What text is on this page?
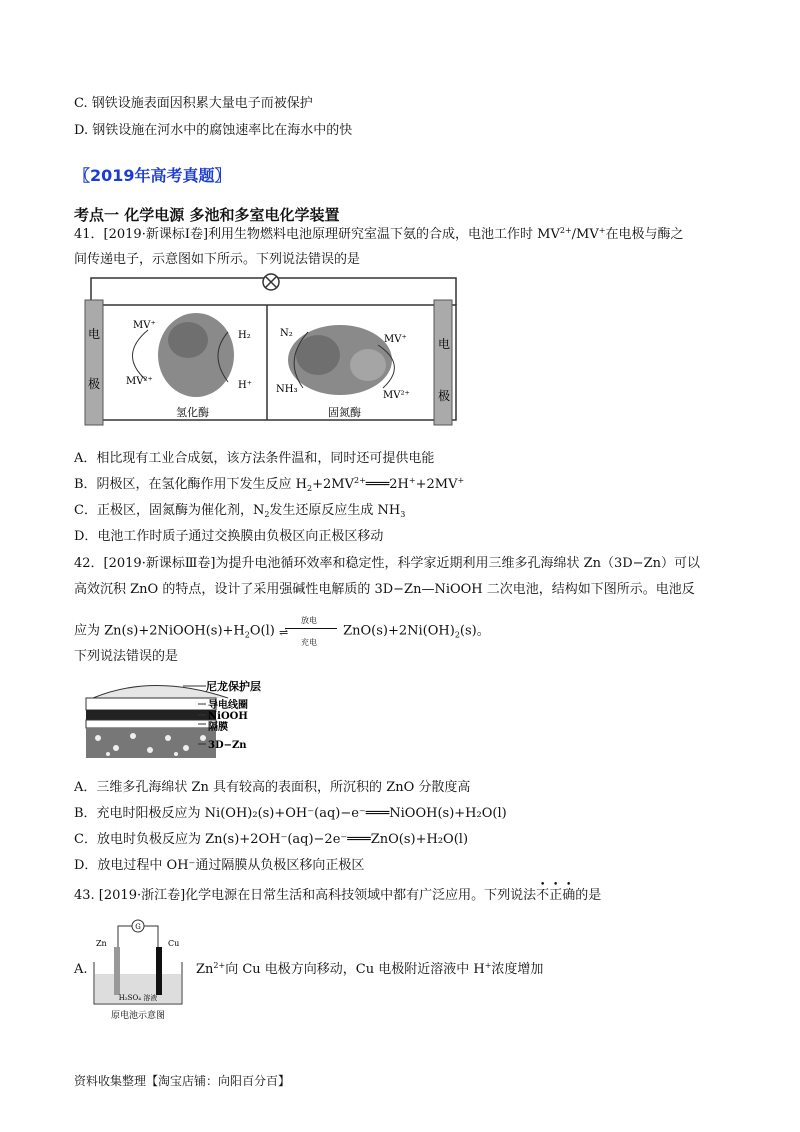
C. 钢铁设施表面因积累大量电子而被保护
D. 钢铁设施在河水中的腐蚀速率比在海水中的快
〖2019年高考真题〗
考点一 化学电源 多池和多室电化学装置
41．[2019·新课标Ⅰ卷]利用生物燃料电池原理研究室温下氨的合成，电池工作时 $MV^{2+}/MV^+$在电极与酶之
间传递电子，示意图如下所示。下列说法错误的是
电
极
电
极
MV⁺
MV²⁺
H₂
H⁺
N₂
NH₃
MV⁺
MV²⁺
氢化酶	固氮酶
A．相比现有工业合成氨，该方法条件温和，同时还可提供电能
B．阴极区，在氢化酶作用下发生反应 $H_2+2MV^{2+}═══2H^++2MV^+$
C．正极区，固氮酶为催化剂，$N_2$发生还原反应生成 $NH_3$
D．电池工作时质子通过交换膜由负极区向正极区移动
42．[2019·新课标Ⅲ卷]为提升电池循环效率和稳定性，科学家近期利用三维多孔海绵状 Zn（3D−Zn）可以
高效沉积 ZnO 的特点，设计了采用强碱性电解质的 3D−Zn—NiOOH 二次电池，结构如下图所示。电池反
应为 $Zn(s)+2NiOOH(s)+H_2O(l)$
放电
⇌
充电
$ZnO(s)+2Ni(OH)_2(s)$。
下列说法错误的是
尼龙保护层
导电线圈
NiOOH
隔膜
3D−Zn
A．三维多孔海绵状 Zn 具有较高的表面积，所沉积的 ZnO 分散度高
B．充电时阳极反应为 Ni(OH)₂(s)+OH⁻(aq)−e⁻═══NiOOH(s)+H₂O(l)
C．放电时负极反应为 Zn(s)+2OH⁻(aq)−2e⁻═══ZnO(s)+H₂O(l)
D．放电过程中 OH⁻通过隔膜从负极区移向正极区
43. [2019·浙江卷]化学电源在日常生活和高科技领域中都有广泛应用。下列说法不正确的是
A.
G
Zn	Cu
H₂SO₄ 溶液
原电池示意图
$Zn^{2+}$向 Cu 电极方向移动，Cu 电极附近溶液中 H+浓度增加
资料收集整理【淘宝店铺：向阳百分百】
